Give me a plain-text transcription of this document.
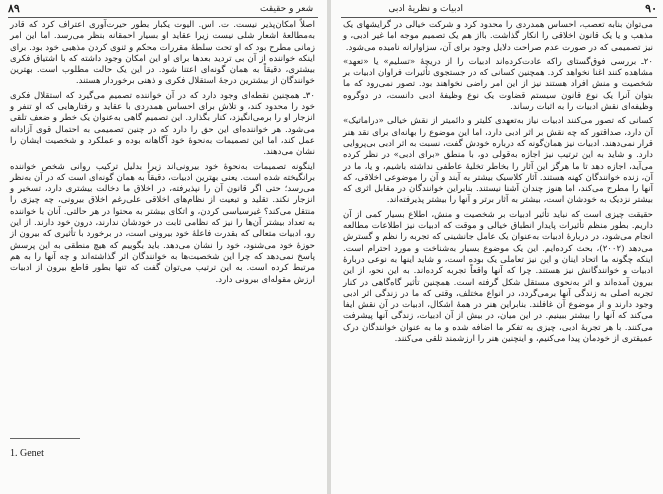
۸۹	شعر و حقیقت

اصلاً امکان‌پذیر نیست. ت. اس. الیوت یکبار بطور حیرت‌آوری اعتراف کرد که قادر به‌مطالعهٔ اشعار شلی نیست زیرا عقاید او بسیار احمقانه بنظر می‌رسد. اما این امر زمانی مطرح بود که او تحت سلطهٔ مقررات محکم و ثنوی کردن مذهبی خود بود. برای اینکه خواننده از آن بی تردید بعدها برای او این امکان وجود داشته که با اشتیاق فکری بیشتری، دقیقاً به همان گونه‌ای اعتنا شود. در این یک حالت مطلوب است. بهترین خوانندگان از بیشترین درجهٔ استقلال فکری و ذهنی برخوردار هستند.

۳۰ـ همچنین نقطه‌ای وجود دارد که در آن خواننده تصمیم می‌گیرد که استقلال فکری خود را محدود کند، و تلاش برای احساس همدردی با عقاید و رفتارهایی که او تنفر و انزجار او را برمی‌انگیزد، کنار بگذارد. این تصمیم گاهی به‌عنوان یک خطر و ضعف تلقی می‌شود. هر خواننده‌ای این حق را دارد که در چنین تصمیمی به احتمال قوی آزادانه عمل کند، اما این تصمیمات به‌نحوهٔ خود آگاهانه بوده و عملکرد و شخصیت ایشان را نشان می‌دهند.

اینگونه تصمیمات به‌نحوهٔ خود بیرونی‌اند زیرا بدلیل ترکیب روانی شخص خواننده برانگیخته شده است. یعنی بهترین ادبیات، دقیقاً به همان گونه‌ای است که در آن به‌نظر می‌رسد؛ حتی اگر قانون آن را نپذیرفته، در اخلاق ما دخالت بیشتری دارد، تسخیر و انزجار نکند. تقلید و تبعیت از نظام‌های اخلاقی علی‌رغم اخلاق بیرونی، چه چیزی را منتقل می‌کند؟ غیرسیاسی کردن، و اتکای بیشتر به محتوا در هر حالتی. آنان با خواننده به تعداد بیشتر آن‌ها را نیز که نظامی ثابت در خودشان ندارند، درون خود دارند. از این رو، ادبیات متعالی که بقدرت فاعلهٔ خود بیرونی است، در برخورد با تأثیری که بیرون از حوزهٔ خود می‌شنود، خود را نشان می‌دهد. باید بگوییم که هیچ منطقی به این پرسش پاسخ نمی‌دهد که چرا این شخصیت‌ها به خوانندگان اثر گذاشته‌اند و چه آنها را به هم مرتبط کرده است. به این ترتیب می‌توان گفت که تنها بطور قاطع بیرون از ادبیات ارزش مقوله‌ای بیرونی دارد.

1. Genet
۹۰
ادبیات و نظریهٔ ادبی

می‌توان بنابه تعصب، احساس همدردی را محدود کرد و شرکت خیالی در گرایشهای یک مذهب و یا یک قانون اخلاقی را انکار گذاشت. بااز هم یک تصمیم موجه اما غیر ادبی، و نیز تصمیمی که در صورت عدم صراحت دلایل وجود برای آن، سزاوارانه نامیده می‌شود.

۲۰ـ بررسی فوق‌گستای راکه عادت‌کرده‌اند ادبیات را از دریچهٔ «تسلیم» یا «تعهد» مشاهده کنند اغنا نخواهد کرد. همچنین کسانی که در جستجوی تأثیرات فراوان ادبیات بر شخصیت و منش افراد هستند نیز از این امر راضی نخواهند بود. تصور نمی‌رود که ما بتوان آنرا یک نوع قانون سیستم قضاوت یک نوع وظیفهٔ ادبی دانست، در دوگروه وظیفه‌ای نقش ادبیات را به اثبات رساند.

کسانی که تصور می‌کنند ادبیات نیاز به‌تعهدی کلیتر و دائمیتر از نقش خیالی «دراماتیک» آن دارد، صداقتور که چه نقش بر اثر ادبی دارد، اما این موضوع را بهانه‌ای برای نقد هنر قرار نمی‌دهند. ادبیات نیز همان‌گونه که درباره خودش گفت، نسبت به اثر ادبی بی‌پروایی دارد. و شاید به این ترتیب نیز اجازه به‌قولی دو، با منطق «برای ادبی» در نظر کرده می‌آید، اجازه دهد تا ما هرگز این آثار را بخاطر تخلیهٔ عاطفی نداشته باشیم، و یا، ما در آن، زنده خوانندگان کهنه هستند. آثار کلاسیک بیشتر به آیند و آن را موضوعی اخلاقی، که آنها را مطرح می‌کند، اما هنوز چندان آشنا نیستند. بنابراین خوانندگان در مقابل اثری که بیشتر نزدیک به خودشان است، بیشتر به آثار برتر و آنها را بیشتر پذیرفته‌اند.

حقیقت چیزی است که نباید تأثیر ادبیات بر شخصیت و منش، اطلاع بسیار کمی از آن داریم. بطور منظم تأثیرات پایدار انطباق خیالی و موقت که ادبیات نیز اطلاعات مطالعه انجام می‌شود، در دربارهٔ ادبیات به‌عنوان یک عامل جانشینی که تجربه را نظم و گسترش می‌دهد (۲۰۰۲)، بحث کرده‌ایم. این یک موضوع بسیار به‌شناخت و مورد احترام است. اینکه چگونه ما اتحاد اینان و این نیز تعاملی یک بوده است، و شاید اینها به نوعی دربارهٔ ادبیات و خوانندگانش نیز هستند. چرا که آنها واقعاً تجربه کرده‌اند. به این نحو، از این بیرون آمده‌اند و اثر به‌نحوی مستقل شکل گرفته است. همچنین تأثیر گاه‌گاهی در کنار تجربه اصلی به زندگی آنها برمی‌گردد، در انواع مختلف، وقتی که ما در زندگی اثر ادبی وجود دارند و از موضوع آن غافلند. بنابراین هنر در همهٔ اشکال، ادبیات در آن نقش ایفا می‌کند که آنها را بیشتر ببینیم. در این میان، در بیش از آن ادبیات، زندگی آنها پیشرفت می‌کنند. با هر تجربهٔ ادبی، چیزی به تفکر ما اضافه شده و ما به عنوان خوانندگان درک عمیقتری از خودمان پیدا می‌کنیم، و اینچنین هنر را ارزشمند تلقی می‌کنند.
